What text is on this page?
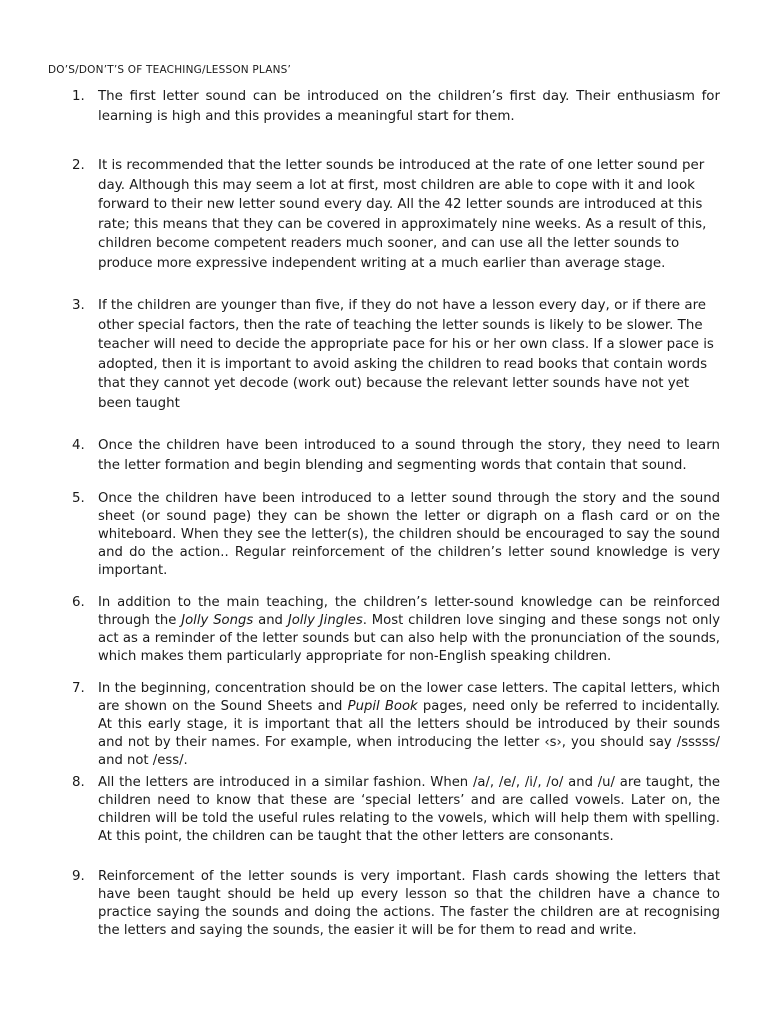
DO’S/DON’T’S OF TEACHING/LESSON PLANS’
1. The first letter sound can be introduced on the children’s first day. Their enthusiasm for learning is high and this provides a meaningful start for them.
2. It is recommended that the letter sounds be introduced at the rate of one letter sound per day. Although this may seem a lot at first, most children are able to cope with it and look forward to their new letter sound every day. All the 42 letter sounds are introduced at this rate; this means that they can be covered in approximately nine weeks. As a result of this, children become competent readers much sooner, and can use all the letter sounds to produce more expressive independent writing at a much earlier than average stage.
3. If the children are younger than five, if they do not have a lesson every day, or if there are other special factors, then the rate of teaching the letter sounds is likely to be slower. The teacher will need to decide the appropriate pace for his or her own class. If a slower pace is adopted, then it is important to avoid asking the children to read books that contain words that they cannot yet decode (work out) because the relevant letter sounds have not yet been taught
4. Once the children have been introduced to a sound through the story, they need to learn the letter formation and begin blending and segmenting words that contain that sound.
5.	Once the children have been introduced to a letter sound through the story and the sound sheet (or sound page) they can be shown the letter or digraph on a flash card or on the whiteboard. When they see the letter(s), the children should be encouraged to say the sound and do the action.. Regular reinforcement of the children’s letter sound knowledge is very important.
6.	In addition to the main teaching, the children’s letter-sound knowledge can be reinforced through the Jolly Songs and Jolly Jingles. Most children love singing and these songs not only act as a reminder of the letter sounds but can also help with the pronunciation of the sounds, which makes them particularly appropriate for non-English speaking children.
7.	In the beginning, concentration should be on the lower case letters. The capital letters, which are shown on the Sound Sheets and Pupil Book pages, need only be referred to incidentally. At this early stage, it is important that all the letters should be introduced by their sounds and not by their names. For example, when introducing the letter ‹s›, you should say /sssss/ and not /ess/.
8.	All the letters are introduced in a similar fashion. When /a/, /e/, /i/, /o/ and /u/ are taught, the children need to know that these are ‘special letters’ and are called vowels. Later on, the children will be told the useful rules relating to the vowels, which will help them with spelling. At this point, the children can be taught that the other letters are consonants.
9.	Reinforcement of the letter sounds is very important. Flash cards showing the letters that have been taught should be held up every lesson so that the children have a chance to practice saying the sounds and doing the actions. The faster the children are at recognising the letters and saying the sounds, the easier it will be for them to read and write.
